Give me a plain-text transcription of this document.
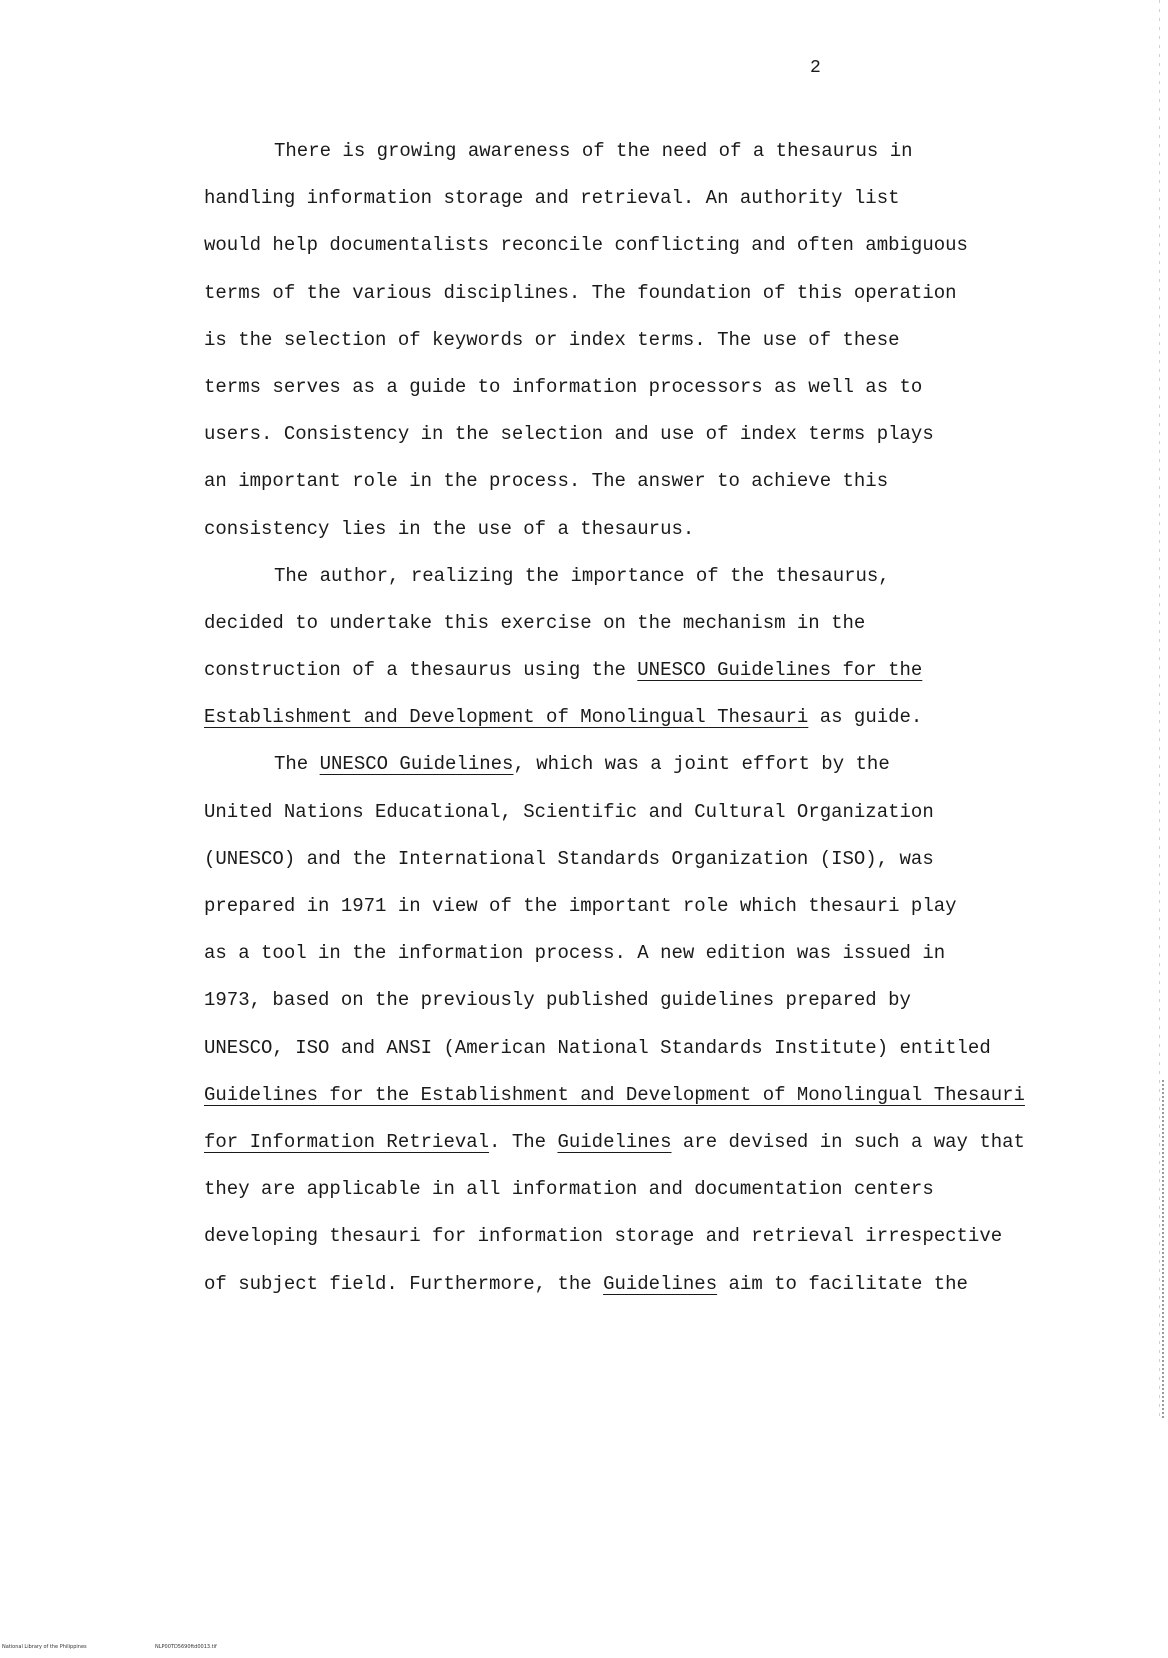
2
There is growing awareness of the need of a thesaurus in
handling information storage and retrieval. An authority list
would help documentalists reconcile conflicting and often ambiguous
terms of the various disciplines. The foundation of this operation
is the selection of keywords or index terms. The use of these
terms serves as a guide to information processors as well as to
users. Consistency in the selection and use of index terms plays
an important role in the process. The answer to achieve this
consistency lies in the use of a thesaurus.
The author, realizing the importance of the thesaurus,
decided to undertake this exercise on the mechanism in the
construction of a thesaurus using the UNESCO Guidelines for the
Establishment and Development of Monolingual Thesauri as guide.
The UNESCO Guidelines, which was a joint effort by the
United Nations Educational, Scientific and Cultural Organization
(UNESCO) and the International Standards Organization (ISO), was
prepared in 1971 in view of the important role which thesauri play
as a tool in the information process. A new edition was issued in
1973, based on the previously published guidelines prepared by
UNESCO, ISO and ANSI (American National Standards Institute) entitled
Guidelines for the Establishment and Development of Monolingual Thesauri
for Information Retrieval. The Guidelines are devised in such a way that
they are applicable in all information and documentation centers
developing thesauri for information storage and retrieval irrespective
of subject field. Furthermore, the Guidelines aim to facilitate the
National Library of the Philippines	NLP00TD5690ftd0013.tif
